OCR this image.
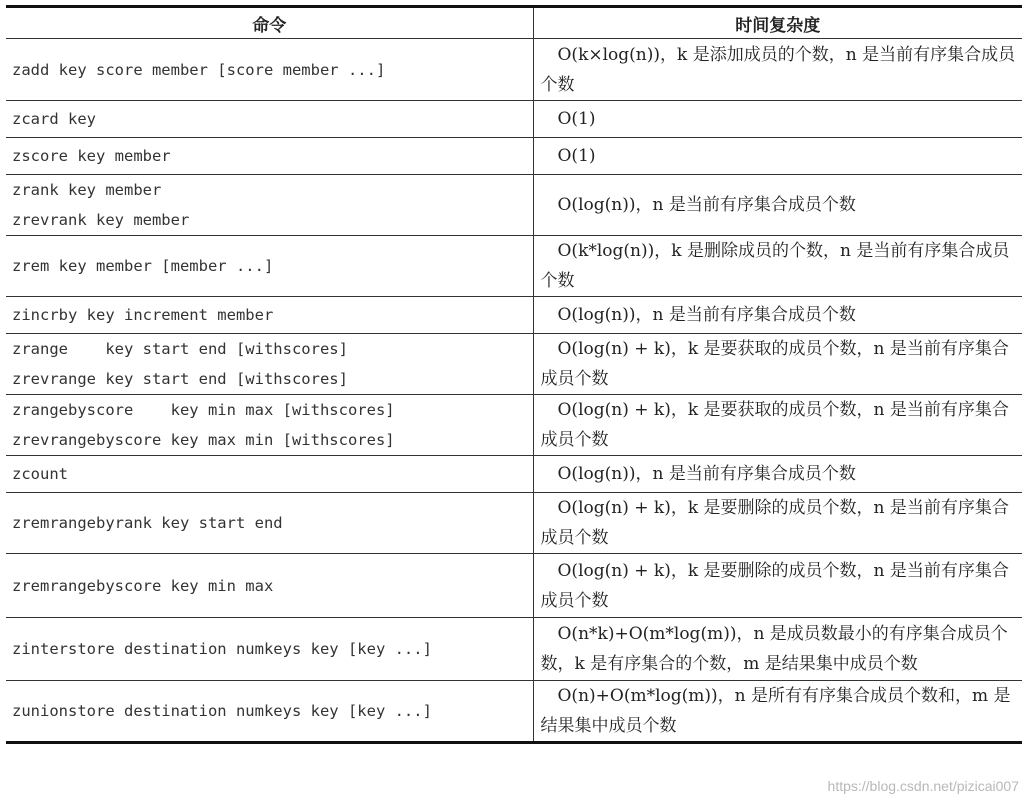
命令	时间复杂度

zadd key score member [score member ...]	O(k×log(n))，k 是添加成员的个数，n 是当前有序集合成员个数

zcard key	O(1)

zscore key member	O(1)

zrank key member
zrevrank key member	O(log(n))，n 是当前有序集合成员个数

zrem key member [member ...]	O(k*log(n))，k 是删除成员的个数，n 是当前有序集合成员个数

zincrby key increment member	O(log(n))，n 是当前有序集合成员个数

zrange    key start end [withscores]
zrevrange key start end [withscores]	O(log(n) + k)，k 是要获取的成员个数，n 是当前有序集合成员个数

zrangebyscore    key min max [withscores]
zrevrangebyscore key max min [withscores]	O(log(n) + k)，k 是要获取的成员个数，n 是当前有序集合成员个数

zcount	O(log(n))，n 是当前有序集合成员个数

zremrangebyrank key start end	O(log(n) + k)，k 是要删除的成员个数，n 是当前有序集合成员个数

zremrangebyscore key min max	O(log(n) + k)，k 是要删除的成员个数，n 是当前有序集合成员个数

zinterstore destination numkeys key [key ...]	O(n*k)+O(m*log(m))，n 是成员数最小的有序集合成员个数，k 是有序集合的个数，m 是结果集中成员个数

zunionstore destination numkeys key [key ...]	O(n)+O(m*log(m))，n 是所有有序集合成员个数和，m 是结果集中成员个数
https://blog.csdn.net/pizicai007
